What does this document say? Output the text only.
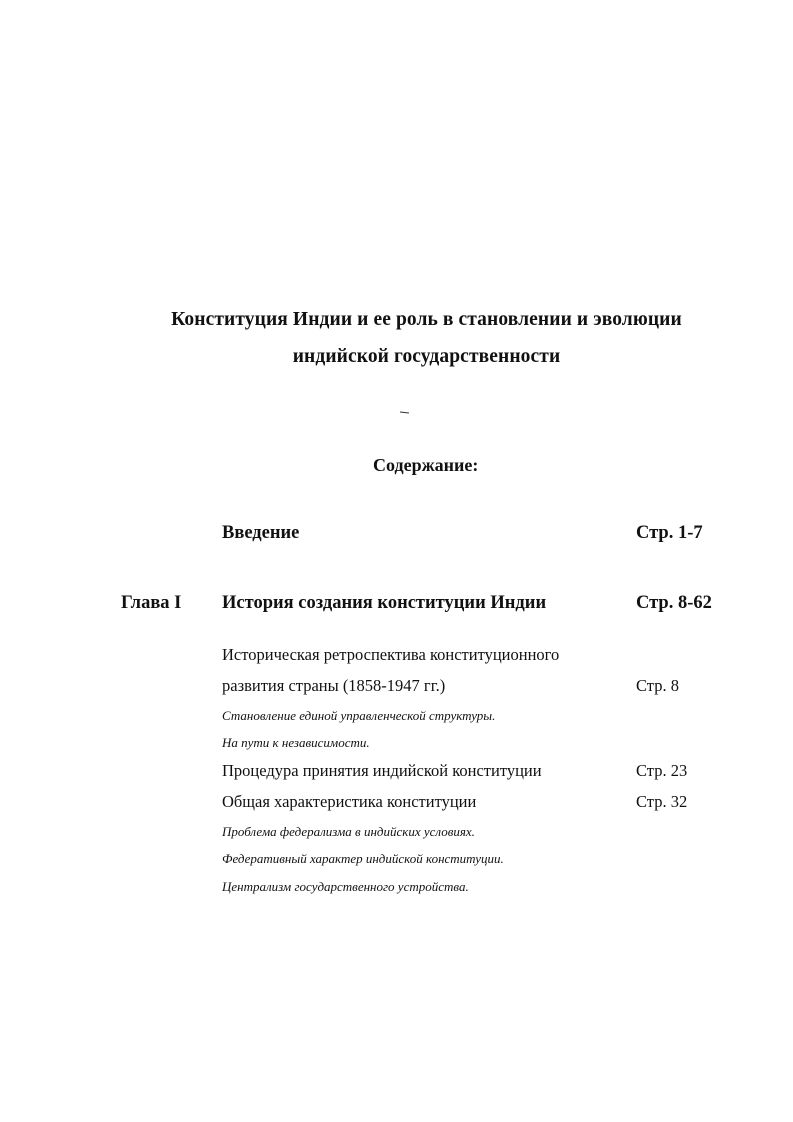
Конституция Индии и ее роль в становлении и эволюции
индийской государственности
Содержание:
Введение	Стр. 1-7
Глава I История создания конституции Индии	Стр. 8-62
Историческая ретроспектива конституционного
развития страны (1858-1947 гг.)	Стр. 8
Становление единой управленческой структуры.
На пути к независимости.
Процедура принятия индийской конституции	Стр. 23
Общая характеристика конституции	Стр. 32
Проблема федерализма в индийских условиях.
Федеративный характер индийской конституции.
Централизм государственного устройства.
